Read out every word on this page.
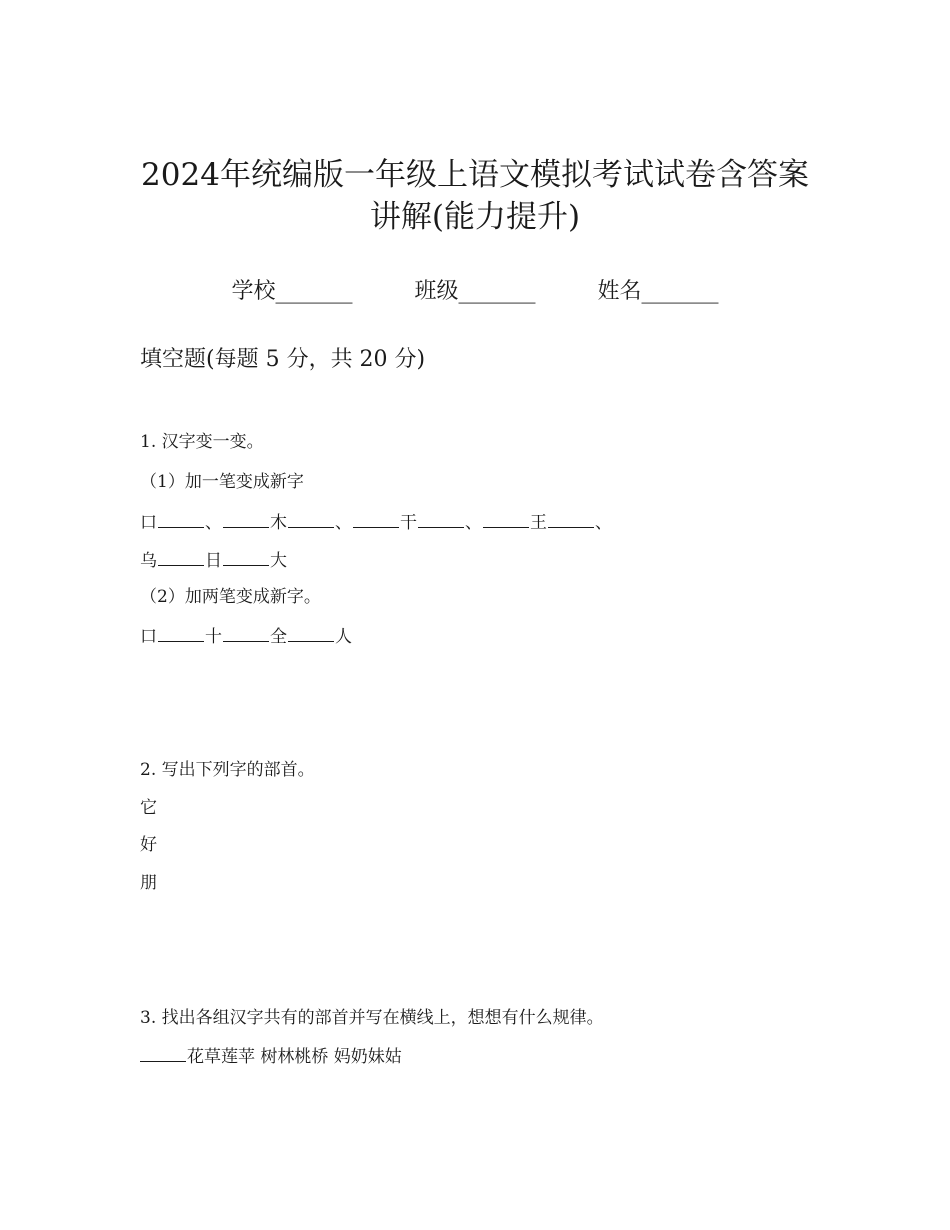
2024年统编版一年级上语文模拟考试试卷含答案
讲解(能力提升)
学校_______	班级_______	姓名_______
填空题(每题 5 分，共 20 分)
1. 汉字变一变。
（1）加一笔变成新字
口	、	木	、	干	、	王	、
乌	日	大
（2）加两笔变成新字。
口	十	全	人
2. 写出下列字的部首。
它
好
朋
3. 找出各组汉字共有的部首并写在横线上，想想有什么规律。
花草莲苹 树林桃桥 妈奶妹姑
